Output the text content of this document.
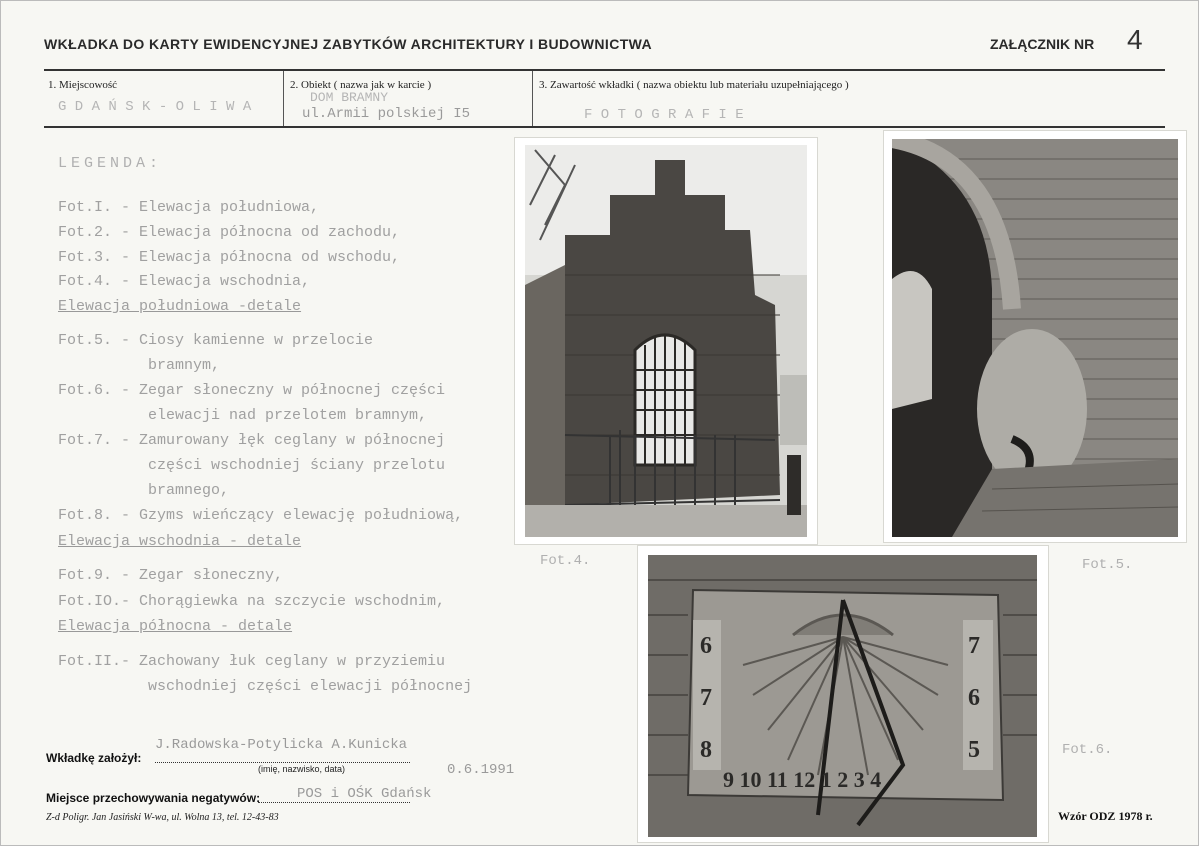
WKŁADKA DO KARTY EWIDENCYJNEJ ZABYTKÓW ARCHITEKTURY I BUDOWNICTWA	ZAŁĄCZNIK NR 4
1. Miejscowość
G D A Ń S K - O L I W A
2. Obiekt ( nazwa jak w karcie )
DOM BRAMNY
ul.Armii polskiej I5
3. Zawartość wkładki ( nazwa obiektu lub materiału uzupełniającego )
F O T O G R A F I E
LEGENDA:
Fot.I. - Elewacja południowa,
Fot.2. - Elewacja północna od zachodu,
Fot.3. - Elewacja północna od wschodu,
Fot.4. - Elewacja wschodnia,
Elewacja południowa -detale
Fot.5. - Ciosy kamienne w przelocie
bramnym,
Fot.6. - Zegar słoneczny w północnej części
elewacji nad przelotem bramnym,
Fot.7. - Zamurowany łęk ceglany w północnej
części wschodniej ściany przelotu
bramnego,
Fot.8. - Gzyms wieńczący elewację południową,
Elewacja wschodnia - detale
Fot.9. - Zegar słoneczny,
Fot.IO.- Chorągiewka na szczycie wschodnim,
Elewacja północna - detale
Fot.II.- Zachowany łuk ceglany w przyziemiu
wschodniej części elewacji północnej
6
7
8
7
6
5
9 10 11 12 1 2 3 4
Fot.4.	Fot.5.
Fot.6.
J.Radowska-Potylicka A.Kunicka
Wkładkę założył:
(imię, nazwisko, data)	0.6.1991
Miejsce przechowywania negatywów:	POS i OŚK Gdańsk
Z-d Poligr. Jan Jasiński W-wa, ul. Wolna 13, tel. 12-43-83	Wzór ODZ 1978 r.
